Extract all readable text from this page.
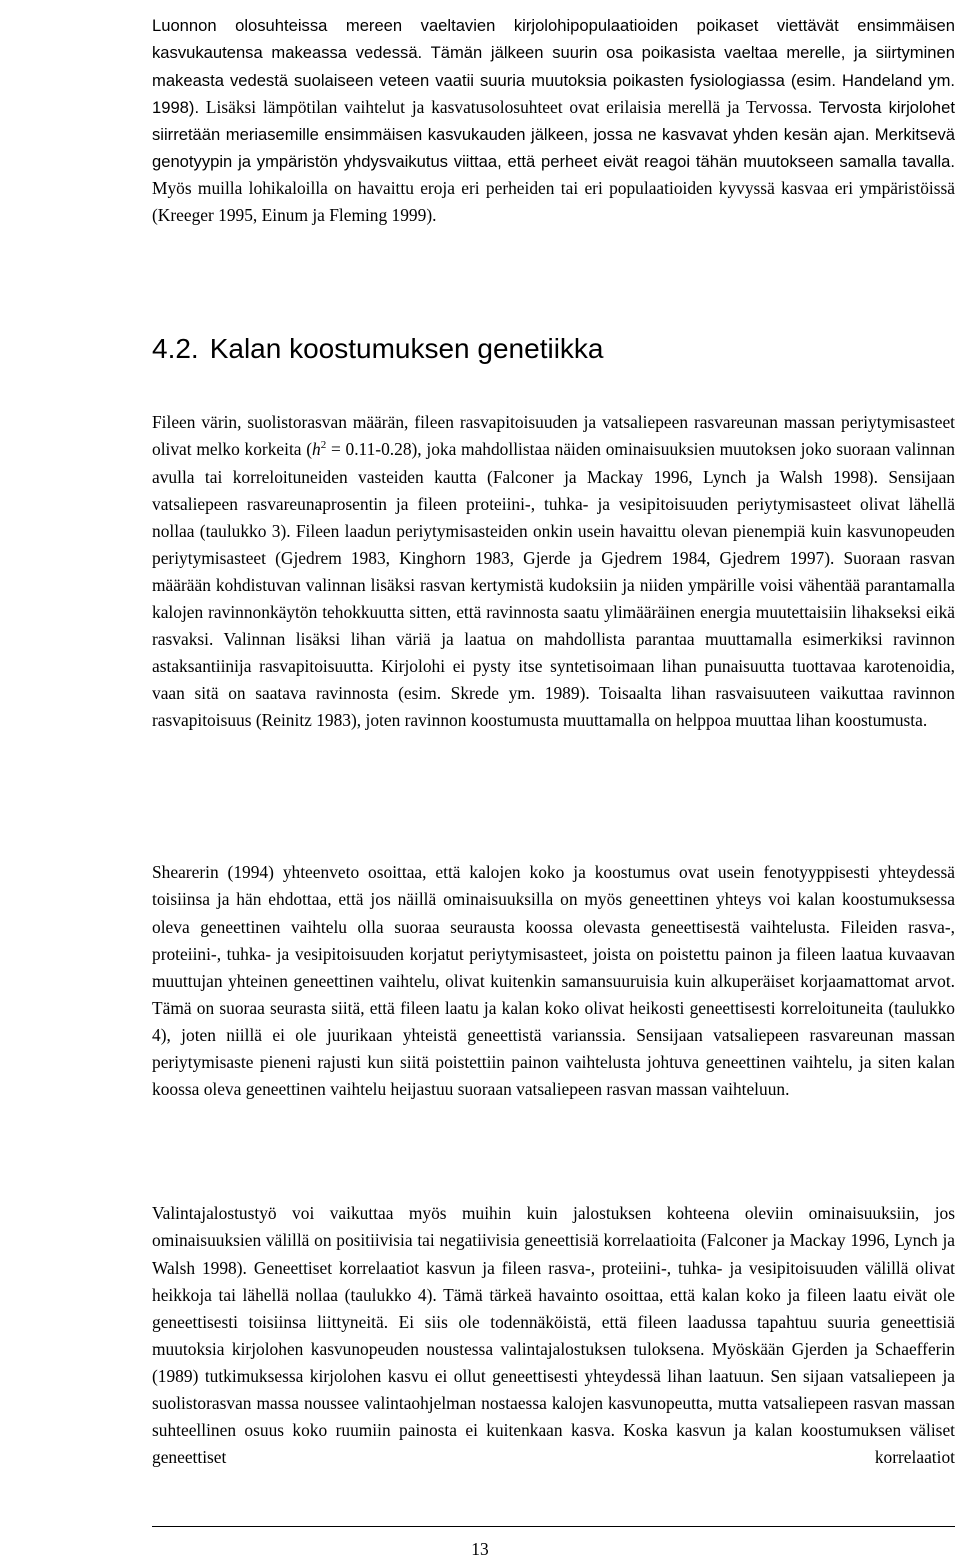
Luonnon olosuhteissa mereen vaeltavien kirjolohipopulaatioiden poikaset viettävät ensimmäisen kasvukautensa makeassa vedessä. Tämän jälkeen suurin osa poikasista vaeltaa merelle, ja siirtyminen makeasta vedestä suolaiseen veteen vaatii suuria muutoksia poikasten fysiologiassa (esim. Handeland ym. 1998). Lisäksi lämpötilan vaihtelut ja kasvatusolosuhteet ovat erilaisia merellä ja Tervossa. Tervosta kirjolohet siirretään meriasemille ensimmäisen kasvukauden jälkeen, jossa ne kasvavat yhden kesän ajan. Merkitsevä genotyypin ja ympäristön yhdysvaikutus viittaa, että perheet eivät reagoi tähän muutokseen samalla tavalla. Myös muilla lohikaloilla on havaittu eroja eri perheiden tai eri populaatioiden kyvyssä kasvaa eri ympäristöissä (Kreeger 1995, Einum ja Fleming 1999).

4.2. Kalan koostumuksen genetiikka

Fileen värin, suolistorasvan määrän, fileen rasvapitoisuuden ja vatsaliepeen rasvareunan massan periytymisasteet olivat melko korkeita $(h^2 = 0.11-0.28)$, joka mahdollistaa näiden ominaisuuksien muutoksen joko suoraan valinnan avulla tai korreloituneiden vasteiden kautta (Falconer ja Mackay 1996, Lynch ja Walsh 1998). Sensijaan vatsaliepeen rasvareunaprosentin ja fileen proteiini-, tuhka- ja vesipitoisuuden periytymisasteet olivat lähellä nollaa (taulukko 3). Fileen laadun periytymisasteiden onkin usein havaittu olevan pienempiä kuin kasvunopeuden periytymisasteet (Gjedrem 1983, Kinghorn 1983, Gjerde ja Gjedrem 1984, Gjedrem 1997). Suoraan rasvan määrään kohdistuvan valinnan lisäksi rasvan kertymistä kudoksiin ja niiden ympärille voisi vähentää parantamalla kalojen ravinnonkäytön tehokkuutta sitten, että ravinnosta saatu ylimääräinen energia muutettaisiin lihakseksi eikä rasvaksi. Valinnan lisäksi lihan väriä ja laatua on mahdollista parantaa muuttamalla esimerkiksi ravinnon astaksantiinija rasvapitoisuutta. Kirjolohi ei pysty itse syntetisoimaan lihan punaisuutta tuottavaa karotenoidia, vaan sitä on saatava ravinnosta (esim. Skrede ym. 1989). Toisaalta lihan rasvaisuuteen vaikuttaa ravinnon rasvapitoisuus (Reinitz 1983), joten ravinnon koostumusta muuttamalla on helppoa muuttaa lihan koostumusta.

Shearerin (1994) yhteenveto osoittaa, että kalojen koko ja koostumus ovat usein fenotyyppisesti yhteydessä toisiinsa ja hän ehdottaa, että jos näillä ominaisuuksilla on myös geneettinen yhteys voi kalan koostumuksessa oleva geneettinen vaihtelu olla suoraa seurausta koossa olevasta geneettisestä vaihtelusta. Fileiden rasva-, proteiini-, tuhka- ja vesipitoisuuden korjatut periytymisasteet, joista on poistettu painon ja fileen laatua kuvaavan muuttujan yhteinen geneettinen vaihtelu, olivat kuitenkin samansuuruisia kuin alkuperäiset korjaamattomat arvot. Tämä on suoraa seurasta siitä, että fileen laatu ja kalan koko olivat heikosti geneettisesti korreloituneita (taulukko 4), joten niillä ei ole juurikaan yhteistä geneettistä varianssia. Sensijaan vatsaliepeen rasvareunan massan periytymisaste pieneni rajusti kun siitä poistettiin painon vaihtelusta johtuva geneettinen vaihtelu, ja siten kalan koossa oleva geneettinen vaihtelu heijastuu suoraan vatsaliepeen rasvan massan vaihteluun.

Valintajalostustyö voi vaikuttaa myös muihin kuin jalostuksen kohteena oleviin ominaisuuksiin, jos ominaisuuksien välillä on positiivisia tai negatiivisia geneettisiä korrelaatioita (Falconer ja Mackay 1996, Lynch ja Walsh 1998). Geneettiset korrelaatiot kasvun ja fileen rasva-, proteiini-, tuhka- ja vesipitoisuuden välillä olivat heikkoja tai lähellä nollaa (taulukko 4). Tämä tärkeä havainto osoittaa, että kalan koko ja fileen laatu eivät ole geneettisesti toisiinsa liittyneitä. Ei siis ole todennäköistä, että fileen laadussa tapahtuu suuria geneettisiä muutoksia kirjolohen kasvunopeuden noustessa valintajalostuksen tuloksena. Myöskään Gjerden ja Schaefferin (1989) tutkimuksessa kirjolohen kasvu ei ollut geneettisesti yhteydessä lihan laatuun. Sen sijaan vatsaliepeen ja suolistorasvan massa noussee valintaohjelman nostaessa kalojen kasvunopeutta, mutta vatsaliepeen rasvan massan suhteellinen osuus koko ruumiin painosta ei kuitenkaan kasva. Koska kasvun ja kalan koostumuksen väliset geneettiset korrelaatiot

13
